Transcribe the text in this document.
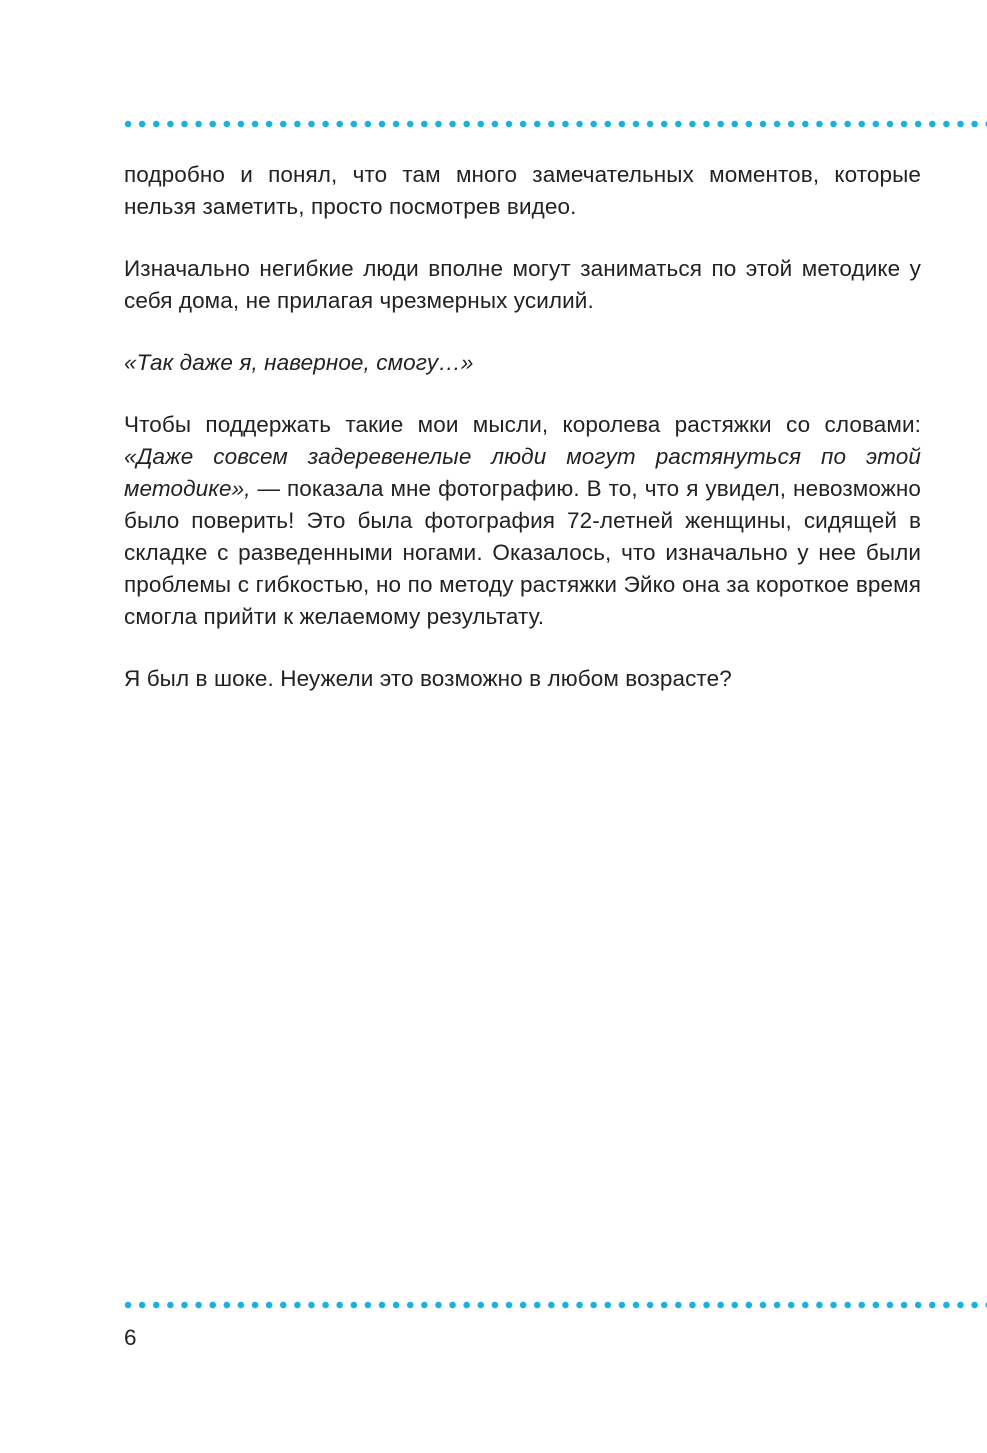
подробно и понял, что там много замечательных моментов, которые нельзя заметить, просто посмотрев видео.

Изначально негибкие люди вполне могут заниматься по этой методике у себя дома, не прилагая чрезмерных усилий.

«Так даже я, наверное, смогу…»

Чтобы поддержать такие мои мысли, королева растяжки со словами: «Даже совсем задеревенелые люди могут растянуться по этой методике», — показала мне фотографию. В то, что я увидел, невозможно было поверить! Это была фотография 72-летней женщины, сидящей в складке с разведенными ногами. Оказалось, что изначально у нее были проблемы с гибкостью, но по методу растяжки Эйко она за короткое время смогла прийти к желаемому результату.

Я был в шоке. Неужели это возможно в любом возрасте?

6
